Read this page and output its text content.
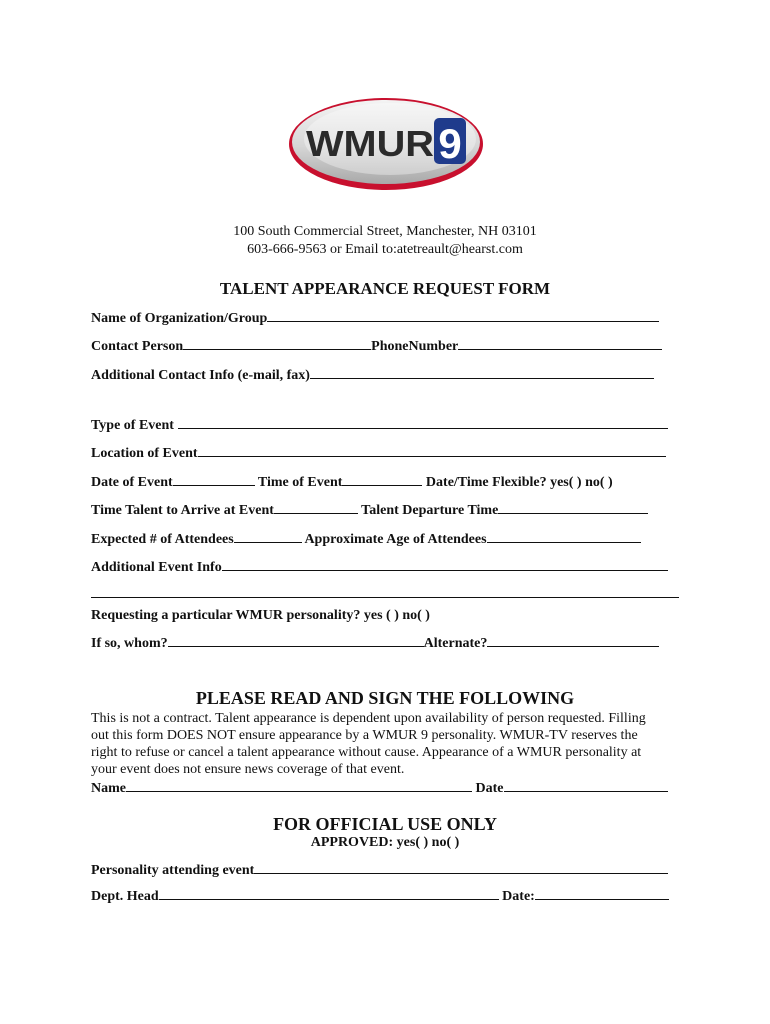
WMUR 9
100 South Commercial Street, Manchester, NH 03101
603-666-9563 or Email to:atetreault@hearst.com
TALENT APPEARANCE REQUEST FORM
Name of Organization/Group
Contact Person	PhoneNumber
Additional Contact Info (e-mail, fax)
Type of Event
Location of Event
Date of Event	Time of Event	Date/Time Flexible? yes( ) no( )
Time Talent to Arrive at Event	Talent Departure Time
Expected # of Attendees	Approximate Age of Attendees
Additional Event Info
Requesting a particular WMUR personality? yes ( ) no( )
If so, whom?	Alternate?
PLEASE READ AND SIGN THE FOLLOWING
This is not a contract. Talent appearance is dependent upon availability of person requested. Filling
out this form DOES NOT ensure appearance by a WMUR 9 personality. WMUR-TV reserves the
right to refuse or cancel a talent appearance without cause. Appearance of a WMUR personality at
your event does not ensure news coverage of that event.
Name	Date
FOR OFFICIAL USE ONLY
APPROVED: yes( ) no( )
Personality attending event
Dept. Head	Date:
